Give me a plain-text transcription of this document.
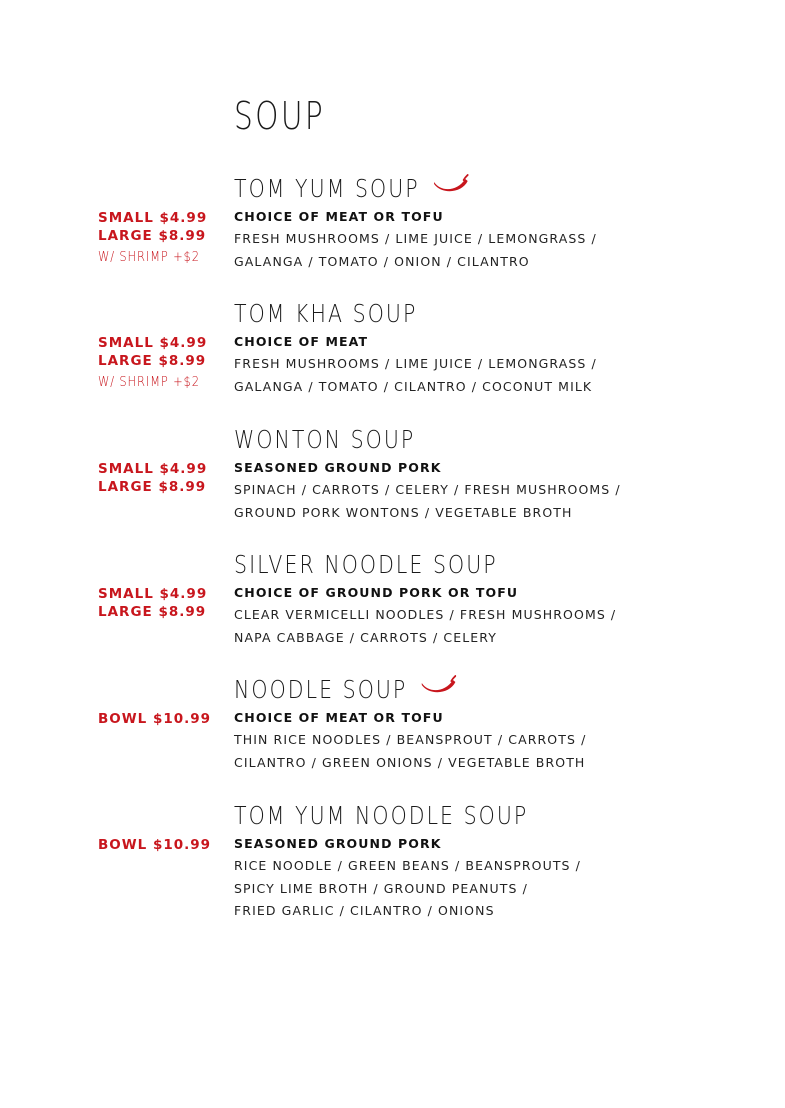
SOUP
TOM YUM SOUP
SMALL $4.99
LARGE $8.99
W/ SHRIMP +$2
CHOICE OF MEAT OR TOFU
FRESH MUSHROOMS / LIME JUICE / LEMONGRASS /
GALANGA / TOMATO / ONION / CILANTRO
TOM KHA SOUP
SMALL $4.99
LARGE $8.99
W/ SHRIMP +$2
CHOICE OF MEAT
FRESH MUSHROOMS / LIME JUICE / LEMONGRASS /
GALANGA / TOMATO / CILANTRO / COCONUT MILK
WONTON SOUP
SMALL $4.99
LARGE $8.99
SEASONED GROUND PORK
SPINACH / CARROTS / CELERY / FRESH MUSHROOMS /
GROUND PORK WONTONS / VEGETABLE BROTH
SILVER NOODLE SOUP
SMALL $4.99
LARGE $8.99
CHOICE OF GROUND PORK OR TOFU
CLEAR VERMICELLI NOODLES / FRESH MUSHROOMS /
NAPA CABBAGE / CARROTS / CELERY
NOODLE SOUP
BOWL $10.99	CHOICE OF MEAT OR TOFU
THIN RICE NOODLES / BEANSPROUT / CARROTS /
CILANTRO / GREEN ONIONS / VEGETABLE BROTH
TOM YUM NOODLE SOUP
BOWL $10.99	SEASONED GROUND PORK
RICE NOODLE / GREEN BEANS / BEANSPROUTS /
SPICY LIME BROTH / GROUND PEANUTS /
FRIED GARLIC / CILANTRO / ONIONS
